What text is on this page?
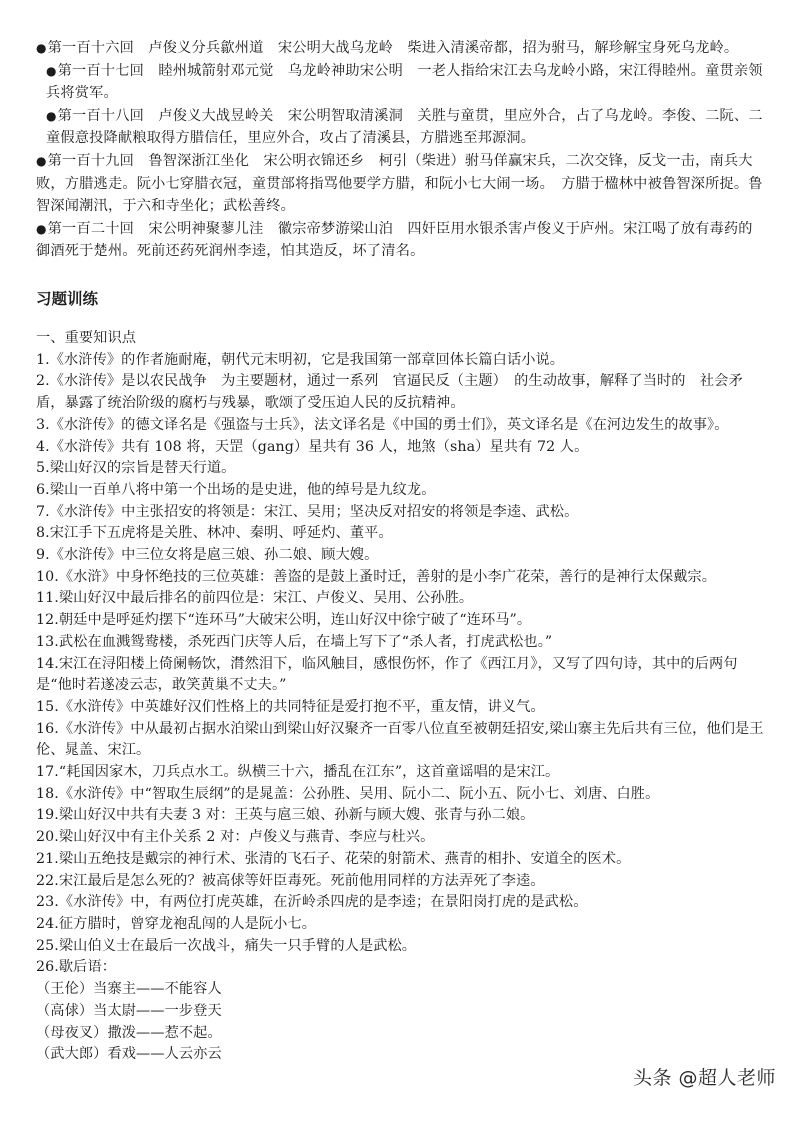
●第一百十六回　卢俊义分兵歙州道　宋公明大战乌龙岭　柴进入清溪帝都，招为驸马，解珍解宝身死乌龙岭。

●第一百十七回　睦州城箭射邓元觉　乌龙岭神助宋公明　一老人指给宋江去乌龙岭小路，宋江得睦州。童贯亲领兵将赏军。

●第一百十八回　卢俊义大战昱岭关　宋公明智取清溪洞　关胜与童贯，里应外合，占了乌龙岭。李俊、二阮、二童假意投降献粮取得方腊信任，里应外合，攻占了清溪县，方腊逃至邦源洞。

●第一百十九回　鲁智深浙江坐化　宋公明衣锦还乡　柯引（柴进）驸马佯赢宋兵，二次交锋，反戈一击，南兵大败，方腊逃走。阮小七穿腊衣冠，童贯部将指骂他要学方腊，和阮小七大闹一场。　方腊于楹林中被鲁智深所捉。鲁智深闻潮汛，于六和寺坐化；武松善终。

●第一百二十回　宋公明神聚蓼儿洼　徽宗帝梦游梁山泊　四奸臣用水银杀害卢俊义于庐州。宋江喝了放有毒药的御酒死于楚州。死前还药死润州李逵，怕其造反，坏了清名。

习题训练

一、重要知识点

1.《水浒传》的作者施耐庵，朝代元末明初，它是我国第一部章回体长篇白话小说。

2.《水浒传》是以农民战争　为主要题材，通过一系列　官逼民反（主题）　的生动故事，解释了当时的　社会矛盾，暴露了统治阶级的腐朽与残暴，歌颂了受压迫人民的反抗精神。

3.《水浒传》的德文译名是《强盗与士兵》，法文译名是《中国的勇士们》，英文译名是《在河边发生的故事》。

4.《水浒传》共有 108 将，天罡（gang）星共有 36 人，地煞（sha）星共有 72 人。

5.梁山好汉的宗旨是替天行道。

6.梁山一百单八将中第一个出场的是史进，他的绰号是九纹龙。

7.《水浒传》中主张招安的将领是：宋江、吴用；坚决反对招安的将领是李逵、武松。

8.宋江手下五虎将是关胜、林冲、秦明、呼延灼、董平。

9.《水浒传》中三位女将是扈三娘、孙二娘、顾大嫂。

10.《水浒》中身怀绝技的三位英雄：善盗的是鼓上蚤时迁，善射的是小李广花荣，善行的是神行太保戴宗。

11.梁山好汉中最后排名的前四位是：宋江、卢俊义、吴用、公孙胜。

12.朝廷中是呼延灼摆下“连环马”大破宋公明，连山好汉中徐宁破了“连环马”。

13.武松在血溅鸳鸯楼，杀死西门庆等人后，在墙上写下了“杀人者，打虎武松也。”

14.宋江在浔阳楼上倚阑畅饮，潸然泪下，临风触目，感恨伤怀，作了《西江月》，又写了四句诗，其中的后两句是“他时若遂凌云志，敢笑黄巢不丈夫。”

15.《水浒传》中英雄好汉们性格上的共同特征是爱打抱不平，重友情，讲义气。

16.《水浒传》中从最初占据水泊梁山到梁山好汉聚齐一百零八位直至被朝廷招安,梁山寨主先后共有三位，他们是王伦、晁盖、宋江。

17.“耗国因家木，刀兵点水工。纵横三十六，播乱在江东”，这首童谣唱的是宋江。

18.《水浒传》中“智取生辰纲”的是晁盖：公孙胜、吴用、阮小二、阮小五、阮小七、刘唐、白胜。

19.梁山好汉中共有夫妻 3 对：王英与扈三娘、孙新与顾大嫂、张青与孙二娘。

20.梁山好汉中有主仆关系 2 对：卢俊义与燕青、李应与杜兴。

21.梁山五绝技是戴宗的神行术、张清的飞石子、花荣的射箭术、燕青的相扑、安道全的医术。

22.宋江最后是怎么死的？被高俅等奸臣毒死。死前他用同样的方法弄死了李逵。

23.《水浒传》中，有两位打虎英雄，在沂岭杀四虎的是李逵；在景阳岗打虎的是武松。

24.征方腊时，曾穿龙袍乱闯的人是阮小七。

25.梁山伯义士在最后一次战斗，痛失一只手臂的人是武松。

26.歇后语：

（王伦）当寨主——不能容人

（高俅）当太尉——一步登天

（母夜叉）撒泼——惹不起。

（武大郎）看戏——人云亦云

头条 @超人老师
